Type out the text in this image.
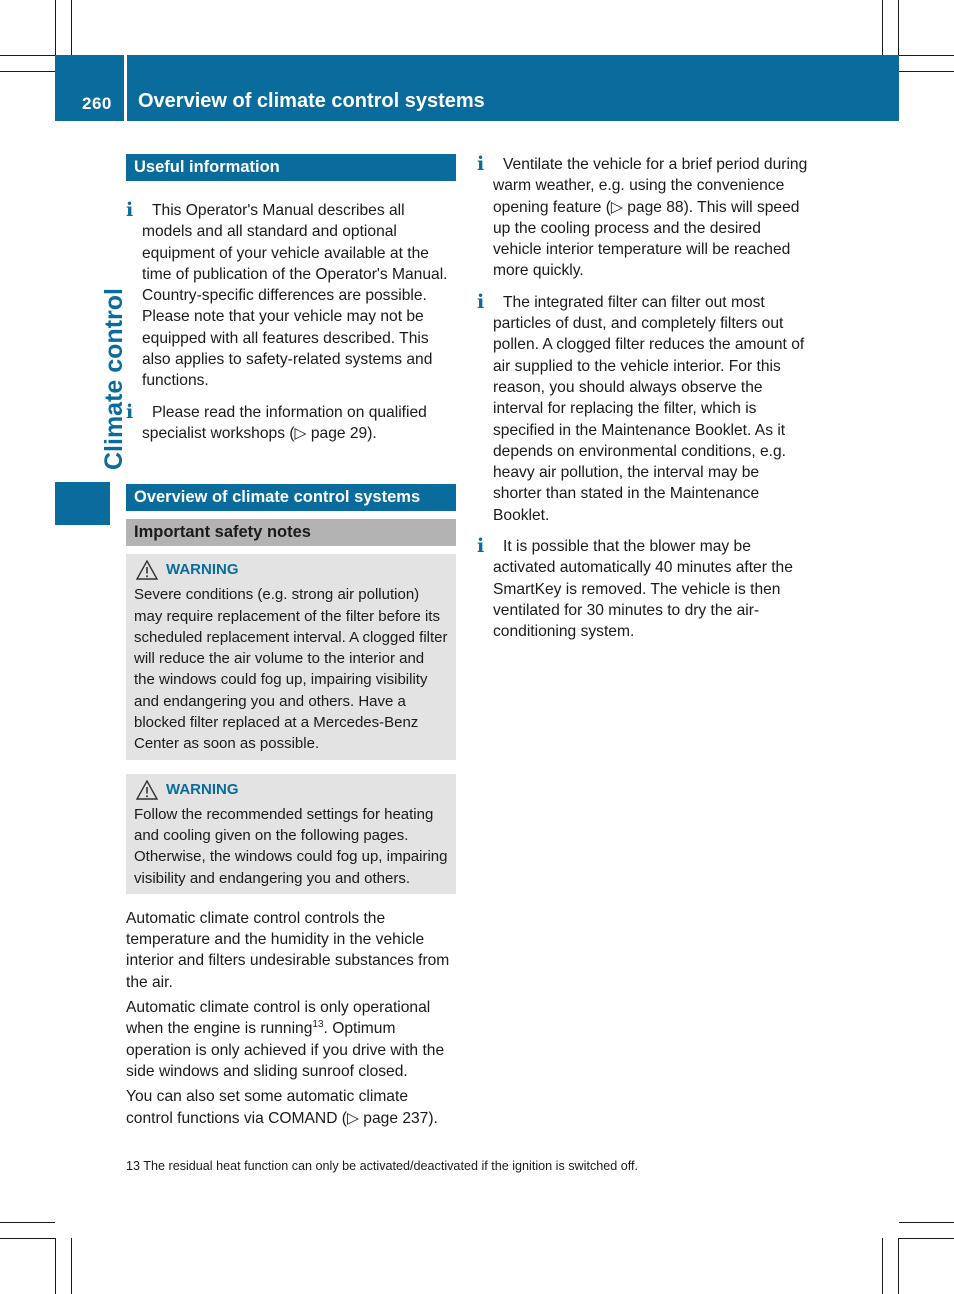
260 Overview of climate control systems
Climate control
Useful information
i	This Operator's Manual describes all models and all standard and optional equipment of your vehicle available at the time of publication of the Operator's Manual. Country-specific differences are possible. Please note that your vehicle may not be equipped with all features described. This also applies to safety-related systems and functions.
i	Please read the information on qualified specialist workshops (▷ page 29).
Overview of climate control systems
Important safety notes
WARNING
Severe conditions (e.g. strong air pollution) may require replacement of the filter before its scheduled replacement interval. A clogged filter will reduce the air volume to the interior and the windows could fog up, impairing visibility and endangering you and others. Have a blocked filter replaced at a Mercedes-Benz Center as soon as possible.
WARNING
Follow the recommended settings for heating and cooling given on the following pages. Otherwise, the windows could fog up, impairing visibility and endangering you and others.

Automatic climate control controls the temperature and the humidity in the vehicle interior and filters undesirable substances from the air.

Automatic climate control is only operational when the engine is running$^{13}$. Optimum operation is only achieved if you drive with the side windows and sliding sunroof closed.

You can also set some automatic climate control functions via COMAND (▷ page 237).

i	Ventilate the vehicle for a brief period during warm weather, e.g. using the convenience opening feature (▷ page 88). This will speed up the cooling process and the desired vehicle interior temperature will be reached more quickly.
i	The integrated filter can filter out most particles of dust, and completely filters out pollen. A clogged filter reduces the amount of air supplied to the vehicle interior. For this reason, you should always observe the interval for replacing the filter, which is specified in the Maintenance Booklet. As it depends on environmental conditions, e.g. heavy air pollution, the interval may be shorter than stated in the Maintenance Booklet.
i	It is possible that the blower may be activated automatically 40 minutes after the SmartKey is removed. The vehicle is then ventilated for 30 minutes to dry the air-conditioning system.
13 The residual heat function can only be activated/deactivated if the ignition is switched off.
